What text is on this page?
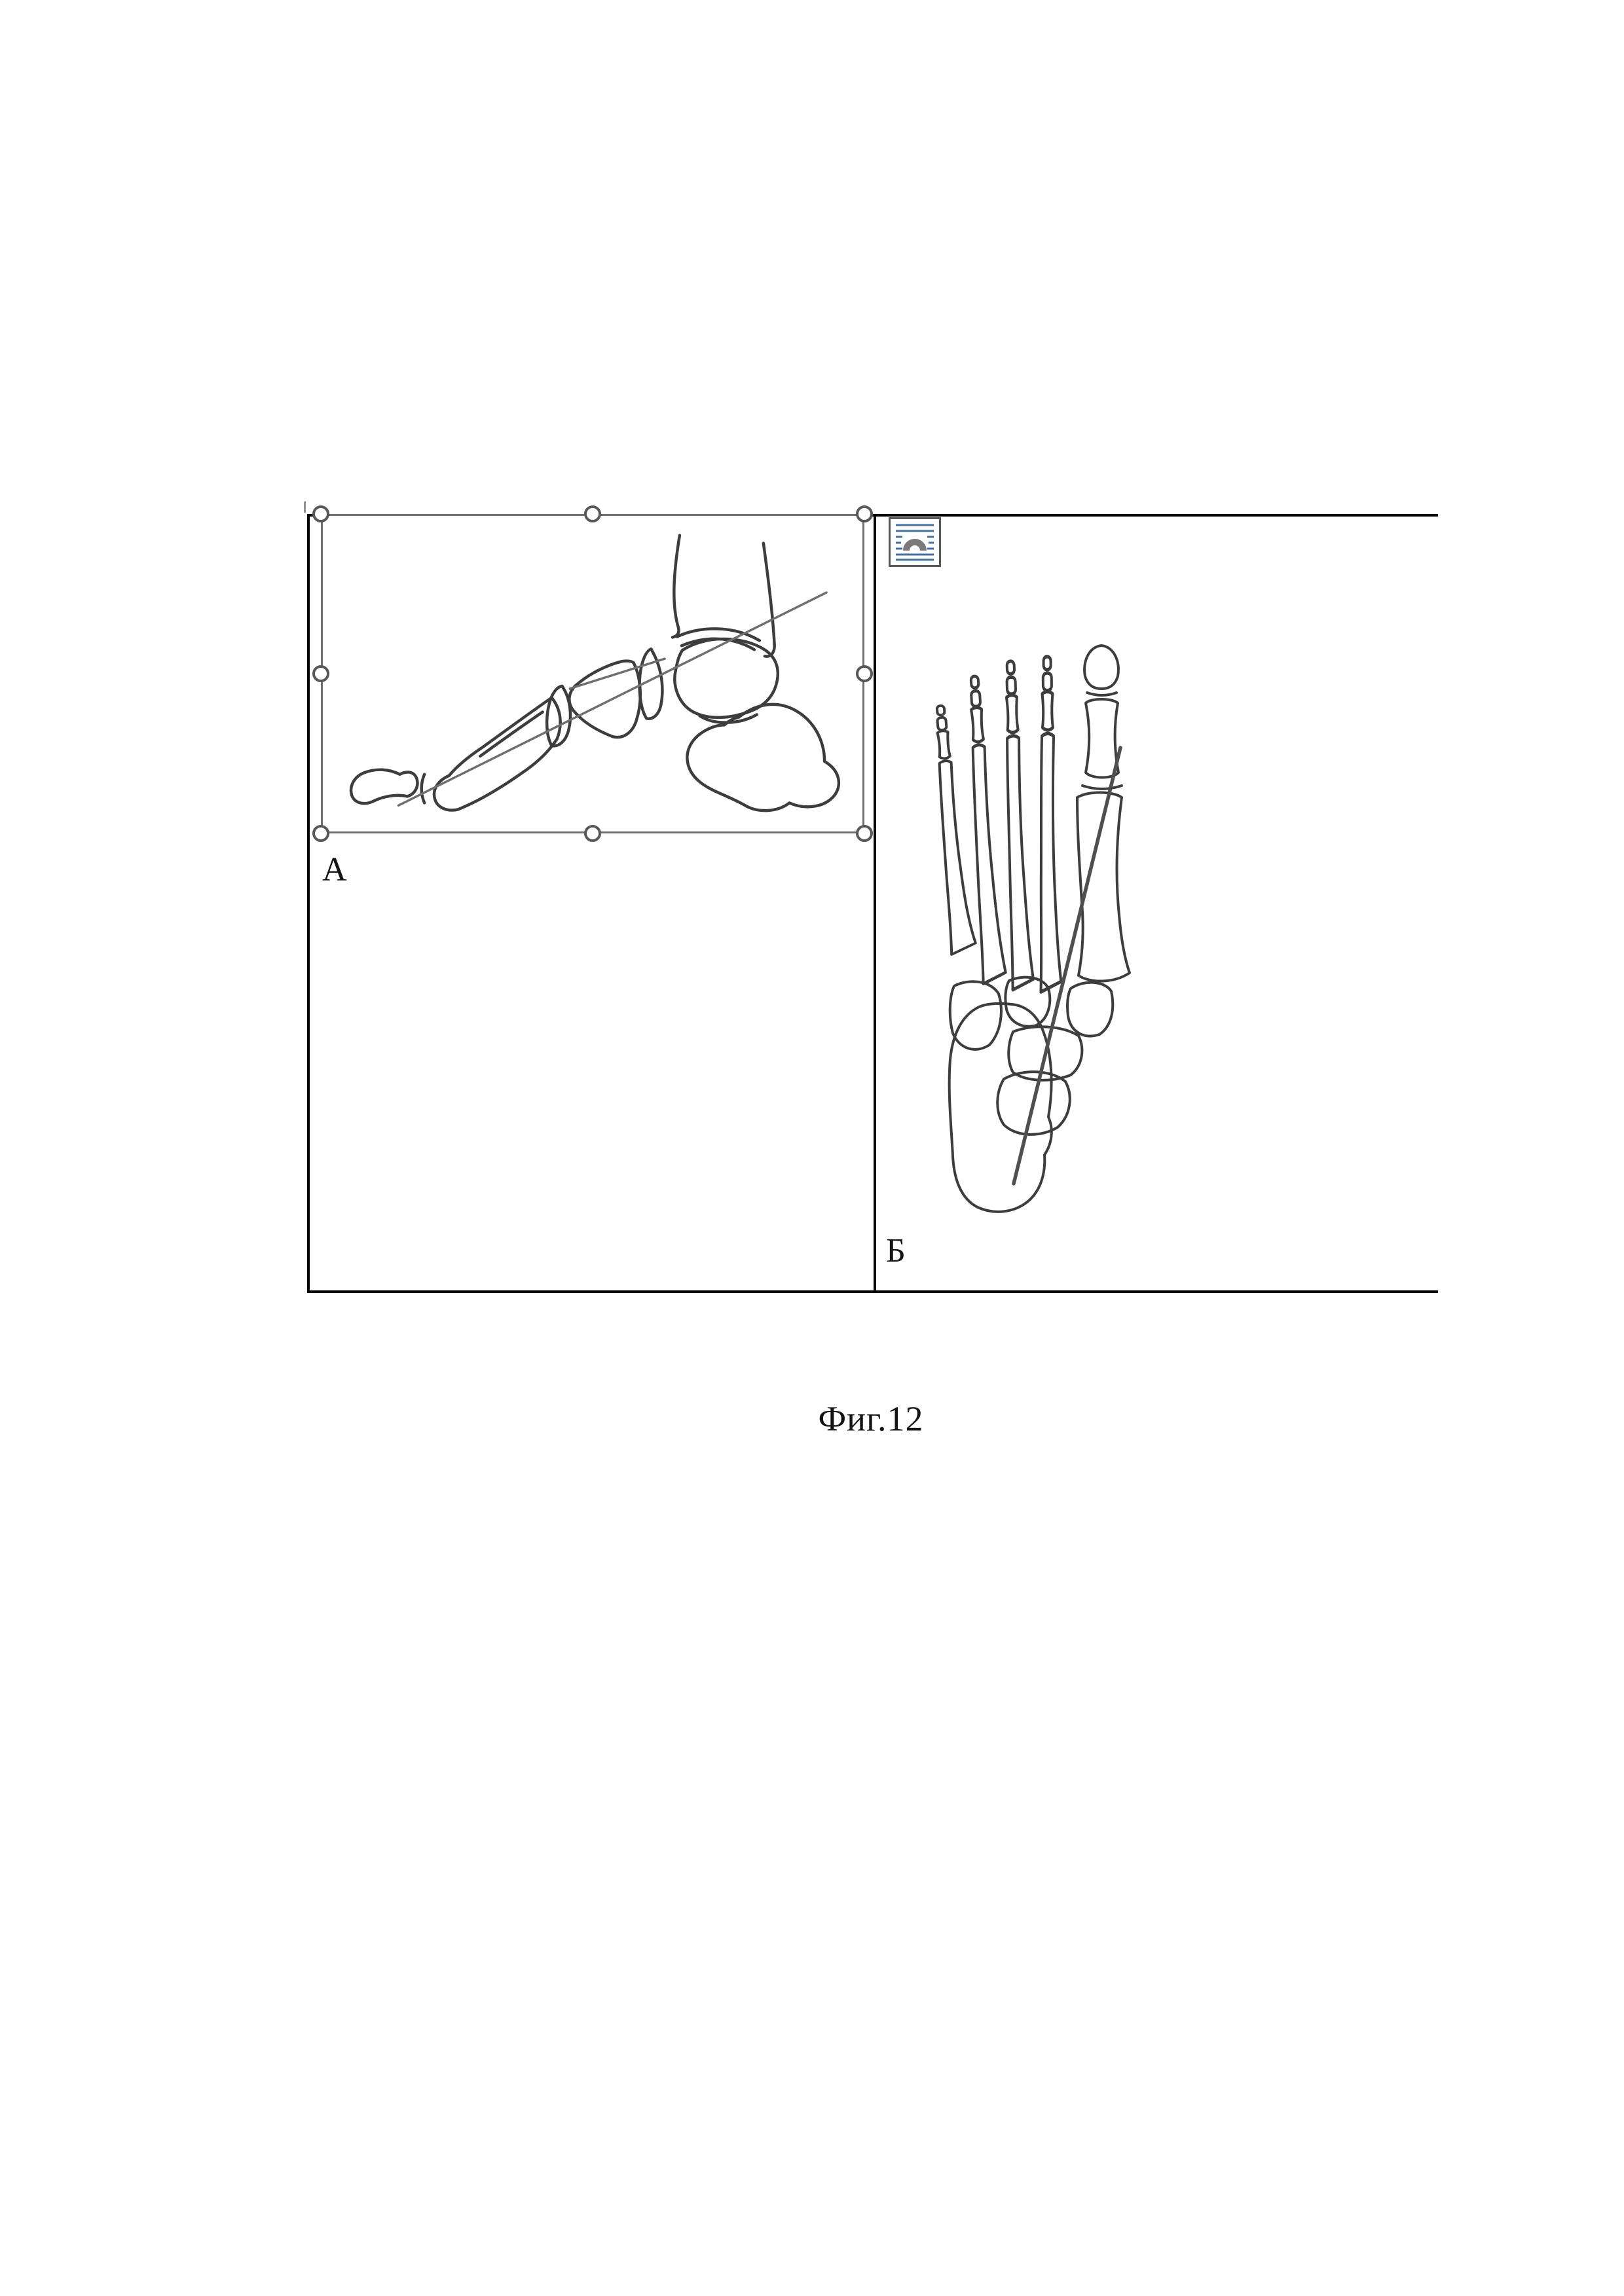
А
Б
Фиг.12
